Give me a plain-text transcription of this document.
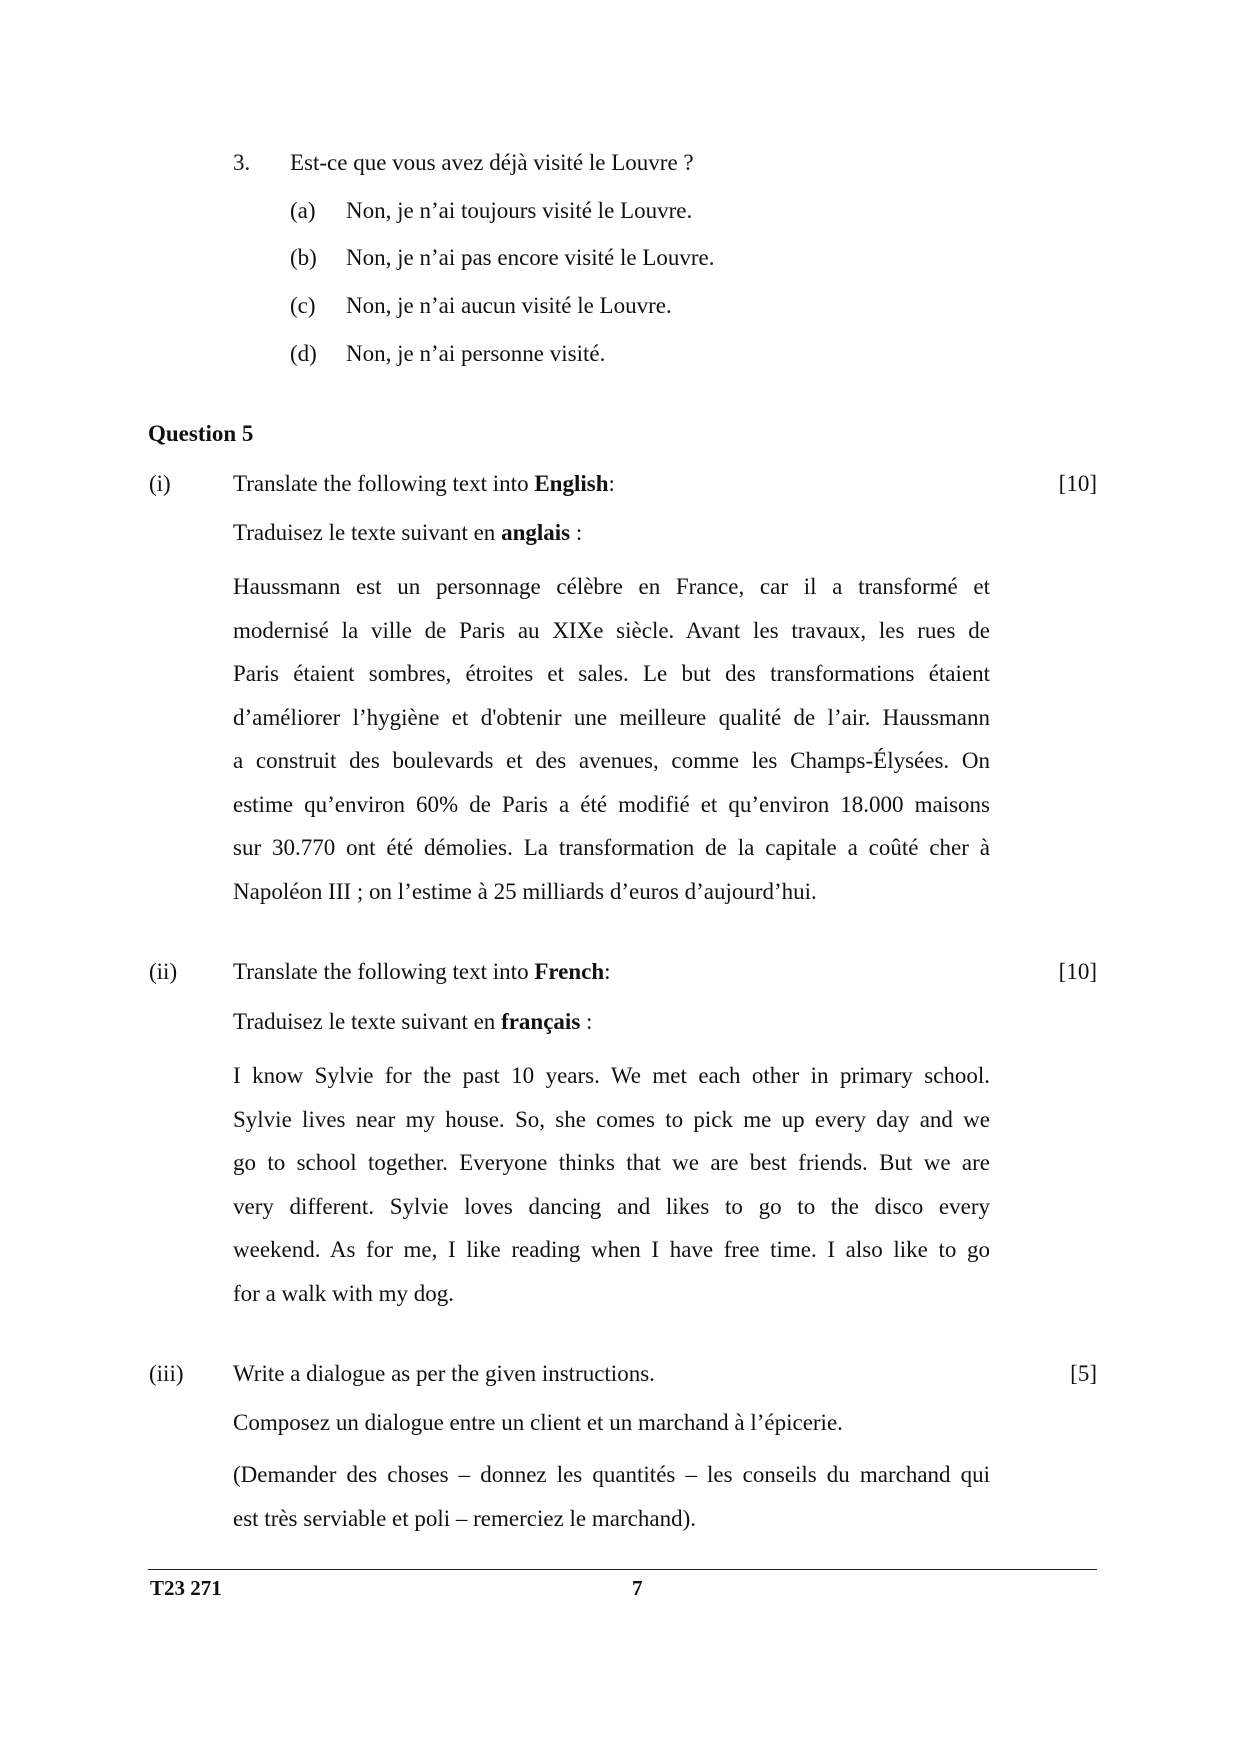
3. Est-ce que vous avez déjà visité le Louvre ?
(a) Non, je n’ai toujours visité le Louvre.
(b) Non, je n’ai pas encore visité le Louvre.
(c) Non, je n’ai aucun visité le Louvre.
(d) Non, je n’ai personne visité.
Question 5
(i)	Translate the following text into English:	[10]
Traduisez le texte suivant en anglais :
Haussmann est un personnage célèbre en France, car il a transformé et
modernisé la ville de Paris au XIXe siècle. Avant les travaux, les rues de
Paris étaient sombres, étroites et sales. Le but des transformations étaient
d’améliorer l’hygiène et d'obtenir une meilleure qualité de l’air. Haussmann
a construit des boulevards et des avenues, comme les Champs-Élysées. On
estime qu’environ 60% de Paris a été modifié et qu’environ 18.000 maisons
sur 30.770 ont été démolies. La transformation de la capitale a coûté cher à
Napoléon III ; on l’estime à 25 milliards d’euros d’aujourd’hui.
(ii) Translate the following text into French:	[10]
Traduisez le texte suivant en français :
I know Sylvie for the past 10 years. We met each other in primary school.
Sylvie lives near my house. So, she comes to pick me up every day and we
go to school together. Everyone thinks that we are best friends. But we are
very different. Sylvie loves dancing and likes to go to the disco every
weekend. As for me, I like reading when I have free time. I also like to go
for a walk with my dog.
(iii) Write a dialogue as per the given instructions.	[5]
Composez un dialogue entre un client et un marchand à l’épicerie.
(Demander des choses – donnez les quantités – les conseils du marchand qui
est très serviable et poli – remerciez le marchand).
T23 271	7
